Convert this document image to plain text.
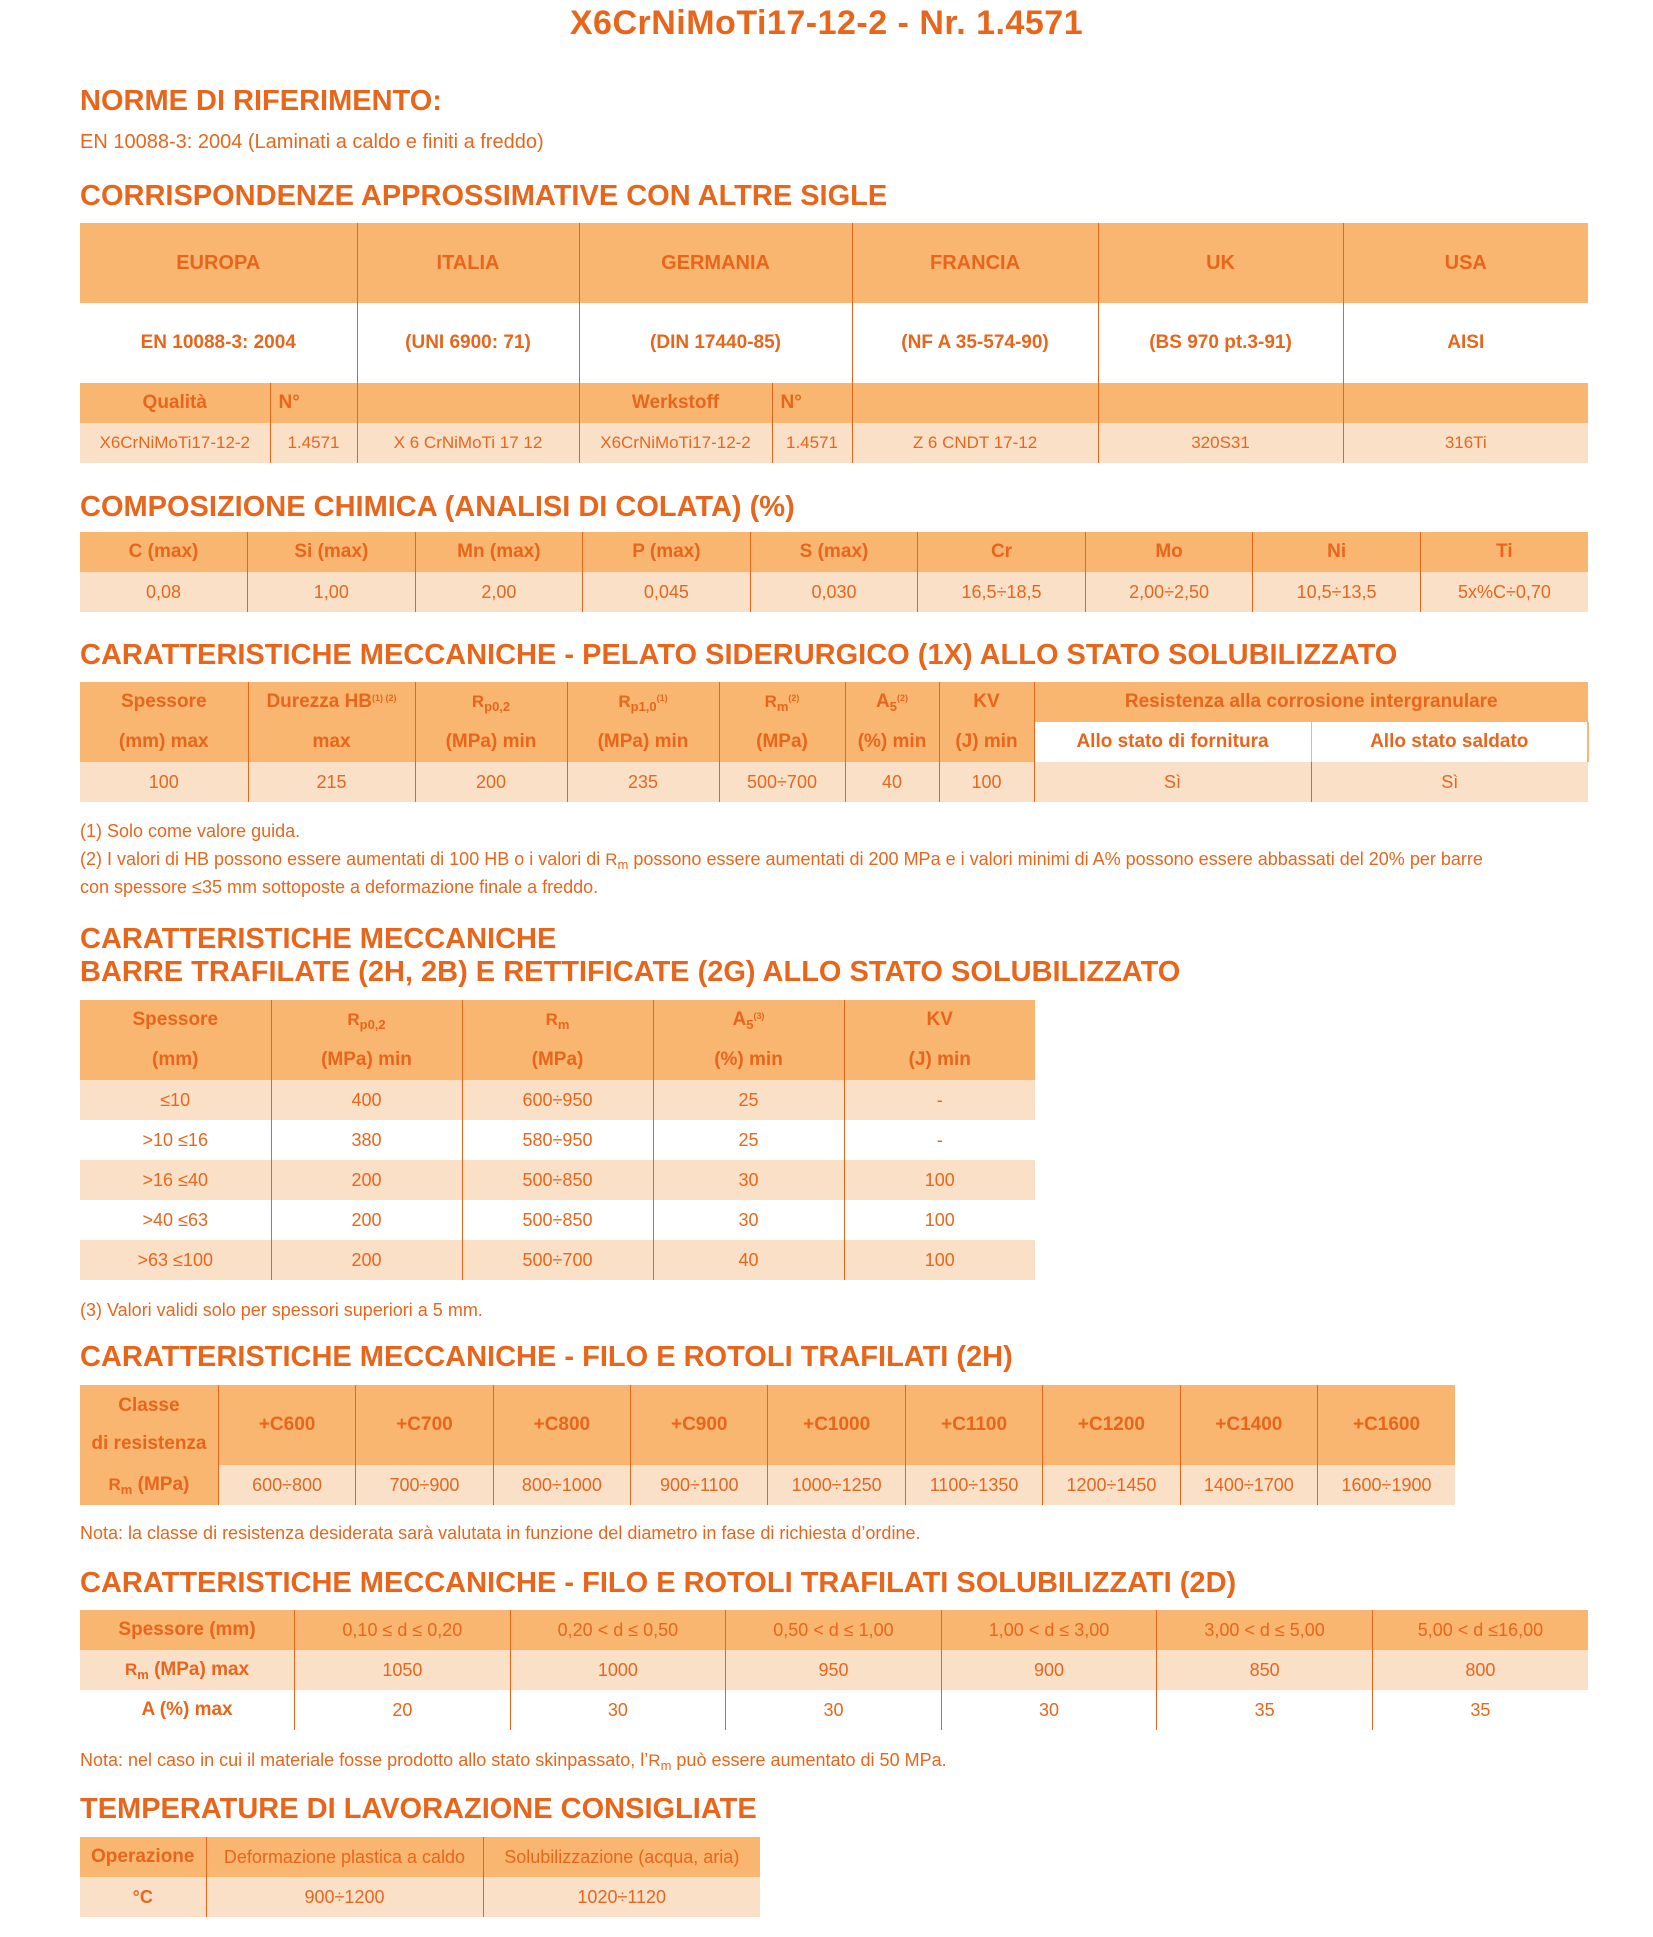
X6CrNiMoTi17-12-2 - Nr. 1.4571
NORME DI RIFERIMENTO:
EN 10088-3: 2004 (Laminati a caldo e finiti a freddo)
CORRISPONDENZE APPROSSIMATIVE CON ALTRE SIGLE
EUROPA		ITALIA	GERMANIA		FRANCIA	UK	USA
EN 10088-3: 2004		(UNI 6900: 71)	(DIN 17440-85)		(NF A 35-574-90)	(BS 970 pt.3-91)	AISI
Qualità	N°		Werkstoff	N°			
X6CrNiMoTi17-12-2	1.4571	X 6 CrNiMoTi 17 12	X6CrNiMoTi17-12-2	1.4571	Z 6 CNDT 17-12	320S31	316Ti
COMPOSIZIONE CHIMICA (ANALISI DI COLATA) (%)
C (max)	Si (max)	Mn (max)	P (max)	S (max)	Cr	Mo	Ni	Ti
0,08	1,00	2,00	0,045	0,030	16,5÷18,5	2,00÷2,50	10,5÷13,5	5x%C÷0,70
CARATTERISTICHE MECCANICHE - PELATO SIDERURGICO (1X) ALLO STATO SOLUBILIZZATO
Spessore	Durezza $HB^{(1) (2)}$	$R_{p0,2}$	$R_{p1,0}^{(1)}$	$R_m^{(2)}$	$A_5^{(2)}$	KV	Resistenza alla corrosione intergranulare	
(mm) max	max	(MPa) min	(MPa) min	(MPa)	(%) min	(J) min	Allo stato di fornitura	Allo stato saldato
100	215	200	235	500÷700	40	100	Sì	Sì
(1) Solo come valore guida.
(2) I valori di HB possono essere aumentati di 100 HB o i valori di $R_m$ possono essere aumentati di 200 MPa e i valori minimi di A% possono essere abbassati del 20% per barre
con spessore ≤35 mm sottoposte a deformazione finale a freddo.
CARATTERISTICHE MECCANICHE
BARRE TRAFILATE (2H, 2B) E RETTIFICATE (2G) ALLO STATO SOLUBILIZZATO
Spessore	$R_{p0,2}$	$R_m$	$A_5^{(3)}$	KV
(mm)	(MPa) min	(MPa)	(%) min	(J) min
≤10	400	600÷950	25	-
>10 ≤16	380	580÷950	25	-
>16 ≤40	200	500÷850	30	100
>40 ≤63	200	500÷850	30	100
>63 ≤100	200	500÷700	40	100
(3) Valori validi solo per spessori superiori a 5 mm.
CARATTERISTICHE MECCANICHE - FILO E ROTOLI TRAFILATI (2H)
Classe
di resistenza	+C600	+C700	+C800	+C900	+C1000	+C1100	+C1200	+C1400	+C1600
$R_m$ (MPa)	600÷800	700÷900	800÷1000	900÷1100	1000÷1250	1100÷1350	1200÷1450	1400÷1700	1600÷1900
Nota: la classe di resistenza desiderata sarà valutata in funzione del diametro in fase di richiesta d’ordine.
CARATTERISTICHE MECCANICHE - FILO E ROTOLI TRAFILATI SOLUBILIZZATI (2D)
Spessore (mm)	0,10 ≤ d ≤ 0,20	0,20 < d ≤ 0,50	0,50 < d ≤ 1,00	1,00 < d ≤ 3,00	3,00 < d ≤ 5,00	5,00 < d ≤16,00
$R_m$ (MPa) max	1050	1000	950	900	850	800
A (%) max	20	30	30	30	35	35
Nota: nel caso in cui il materiale fosse prodotto allo stato skinpassato, $l’R_m$ può essere aumentato di 50 MPa.
TEMPERATURE DI LAVORAZIONE CONSIGLIATE
Operazione	Deformazione plastica a caldo	Solubilizzazione (acqua, aria)
°C	900÷1200	1020÷1120
